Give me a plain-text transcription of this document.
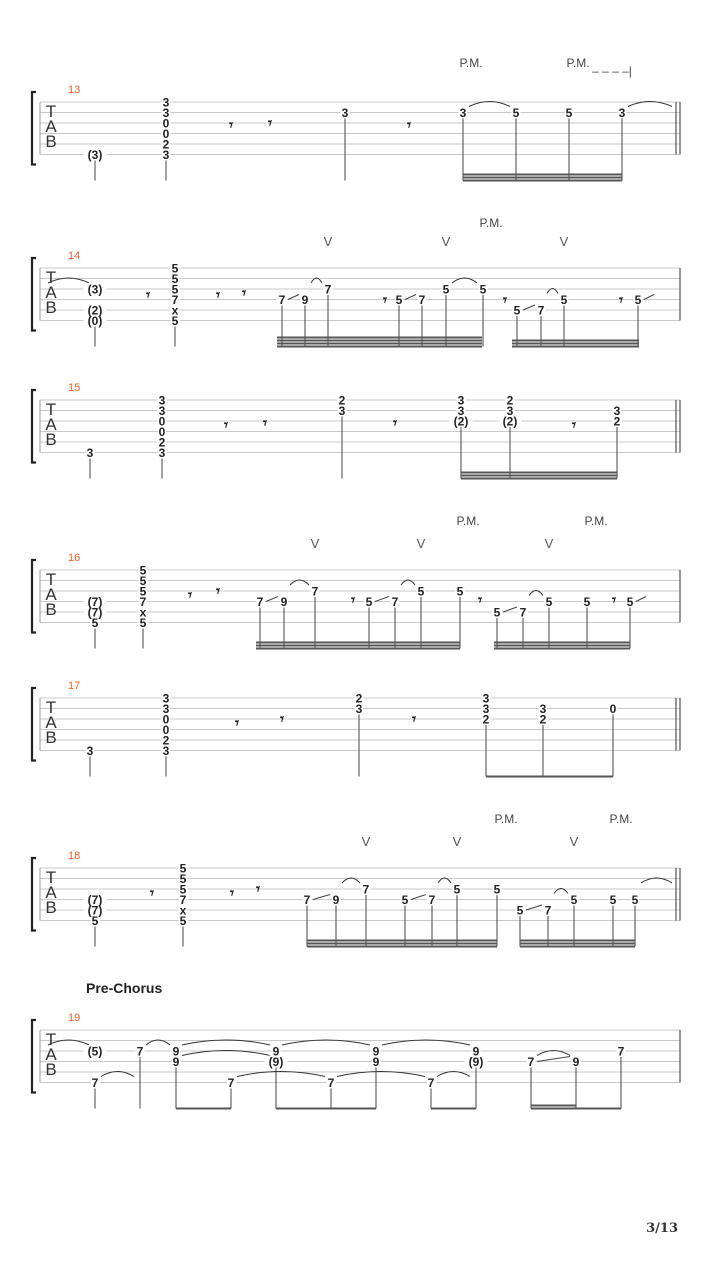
T
A
B
13
𝄾 𝄾	𝄾
(3)
3
3
0
0
2
3
3	3	5	5	3
P.M.	P.M.
T
A
B
14
𝄾	𝄾 𝄾	𝄾	𝄾	𝄾
(3)
(2)
(0)
5
5
5
7
x
5
7 9
7
5 7
5	5
5 7
5	5
V	V	V
P.M.
T
A
B
15
𝄾 𝄾	𝄾	𝄾
3
3
3
0
0
2
3
2
3
3
3
(2)
2
3
(2)
3
2
T
A
B
16
𝄾 𝄾	𝄾	𝄾	𝄾
(7)
(7)
5
5
5
5
7
x
5
7 9
7
5 7
5	5
5 7
5	5	5
V	V	V
P.M.	P.M.
T
A
B
17
𝄾	𝄾	𝄾
3
3
3
0
0
2
3
2
3
3
3
2
3
2
0
T
A
B
18
𝄾	𝄾 𝄾
(7)
(7)
5
5
5
5
7
x
5
7 9
7
5 7
5	5
5 7
5	5 5
V	V	V
P.M.	P.M.
T
A
B
19
(5)
7
7 9
9
7
9
(9)
7
9
9
7
9
(9)	7	9
7
– – – –|
Pre-Chorus
3/13
